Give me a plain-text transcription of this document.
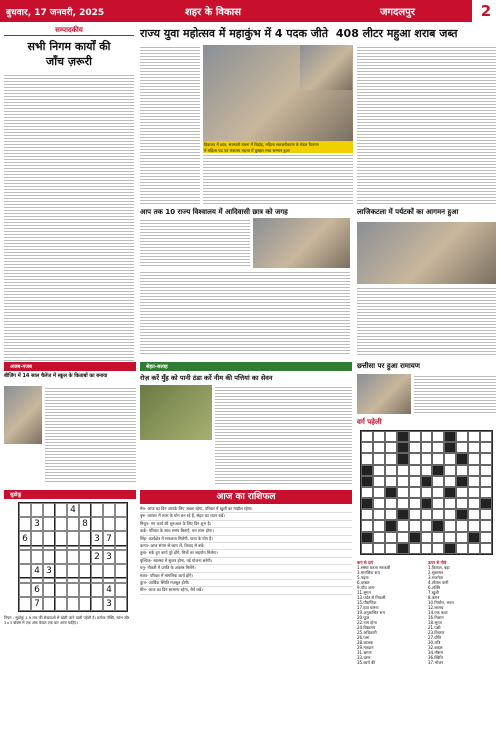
बुधवार, 17 जनवरी, 2025	शहर के विकास	जगदलपुर	2
सम्पादकीय
सभी निगम कार्यों की
जाँच ज़रूरी
राज्य युवा महोत्सव में महाकुंभ में 4 पदक जीते 408 लीटर महुआ शराब जब्त
दिवाकर में छात्र, सरस्वती वंचना में विद्रोह, महिला सशक्तीकरण के मेडल वितरण
में महिला पद एवं मंत्रालय महत्ता में कुम्हार मध्य सम्मान हुआ
आप तक 10 राज्य विश्वालय में आदिवासी छात्र को जगह	लाजिकटला में पर्यटकों का आगमन हुआ
अजब-गजब
बीजिंग में 14 साल चैलेंज में स्कूल के किताबों का बनाया
सेहत-सलाह
रोज़ करें मुँह को पानी ठंडा करें नीम की पत्तियां का सेवन
छत्तीसा पर हुआ रामायण
वर्ग पहेली
बाएं से दाएं
1.संस्था करता सरकारी
3.मानसिक रूप
5.पढ़ना
6.दरबार
9.पाँच अन्य
11.सुगम
13.पर्वत से निकली
15.पौराणिक
17.हवा चलना
19.अनुशासित रूप
20.फूल
22.नाम होना
24.विद्यालय
25.अधिकारी
26.पत्ता
28.कालक
29.मतदान
31.भ्रमण
33.चरण
35.कार्य की
ऊपर से नीचे
1.विशाल, बड़ा
2.सुशासन
3.राजनेता
4.शीतल पानी
6.शक्ति
7.खुशी
8.कंगन
10.निर्माण, भवन
12.लालच
14.एक कथा
16.निशान
18.सूरज
21.पक्षी
23.विवरण
27.प्रीति
30.रात्रि
32.बादल
34.मौसम
36.स्थिति
37.भोजन
सुडोकू
4
3	8
6	3 7
2 3
4 3
6	4
7	3
नियम : सुडोकू 1-9 तक की संख्याओं से खेली जाने वाली पहेली है। प्रत्येक पंक्ति, स्तंभ और 3×3 बॉक्स में एक अंक केवल एक बार आना चाहिए।
आज का राशिफल
मेष- आज का दिन आपके लिए अच्छा रहेगा, परिवार में खुशी का माहौल रहेगा।
वृष- व्यापार में लाभ के योग बन रहे हैं, सेहत का ध्यान रखें।
मिथुन- नए कार्य की शुरुआत के लिए दिन शुभ है।
कर्क- परिवार के साथ समय बिताएँ, धन लाभ होगा।
सिंह- कार्यक्षेत्र में सफलता मिलेगी, यात्रा के योग हैं।
कन्या- आज संयम से काम लें, विवाद से बचें।
तुला- रुके हुए कार्य पूरे होंगे, मित्रों का सहयोग मिलेगा।
वृश्चिक- स्वास्थ्य में सुधार होगा, नई योजना बनेगी।
धनु- नौकरी में प्रगति के अवसर मिलेंगे।
मकर- परिवार में मांगलिक कार्य होंगे।
कुंभ- आर्थिक स्थिति मज़बूत होगी।
मीन- आज का दिन सामान्य रहेगा, धैर्य रखें।
